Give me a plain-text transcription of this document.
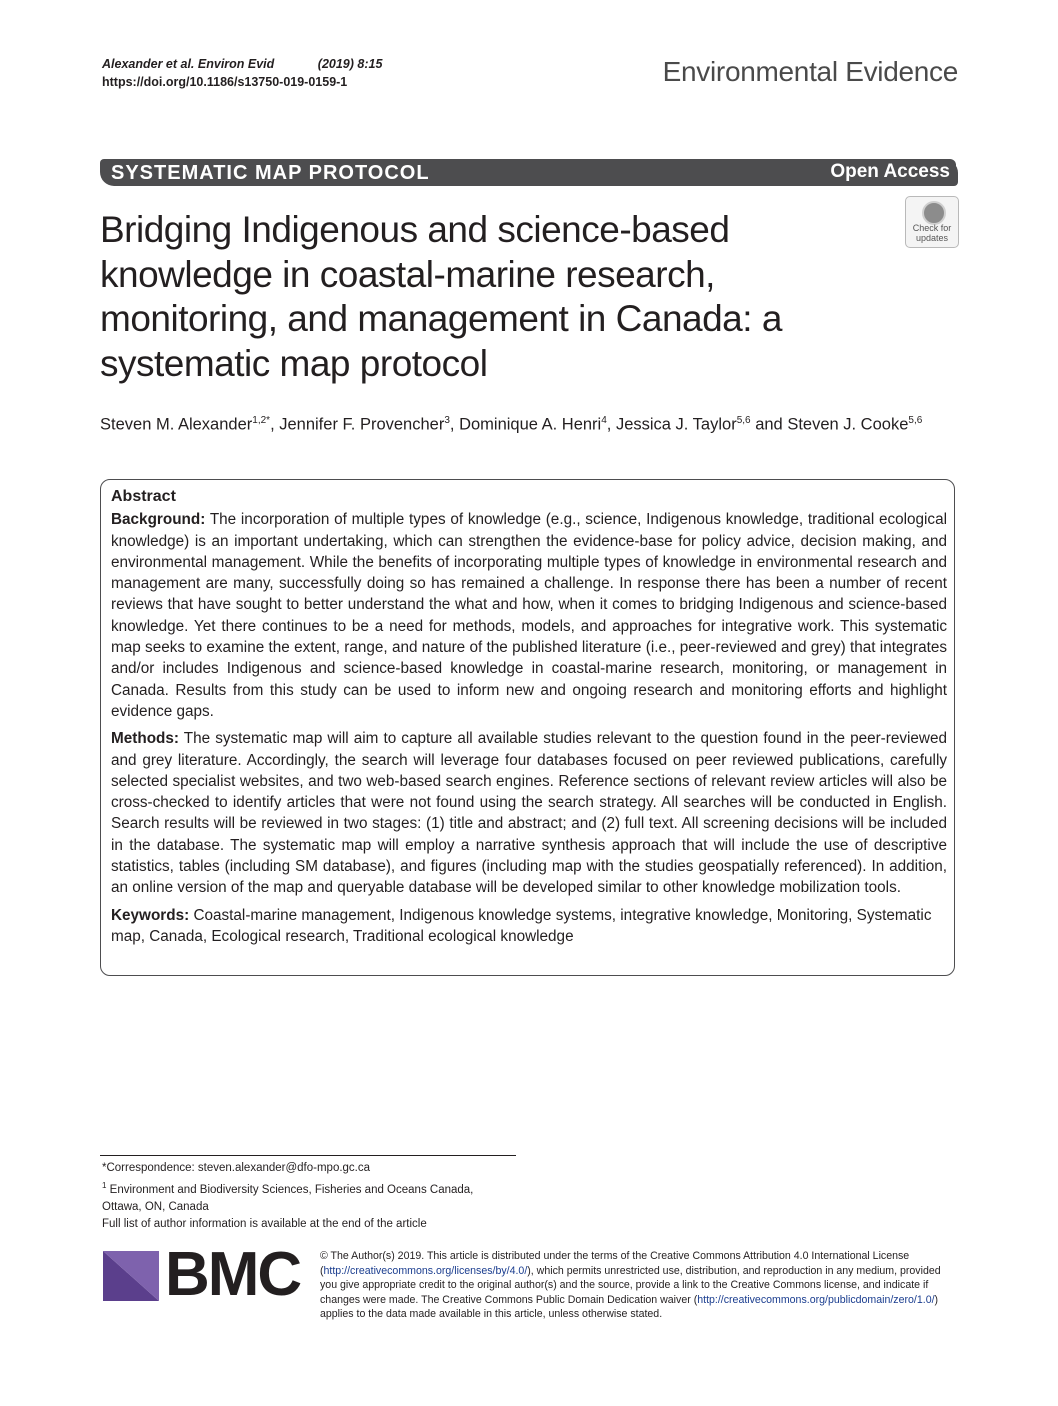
Alexander et al. Environ Evid	(2019) 8:15
https://doi.org/10.1186/s13750-019-0159-1	Environmental Evidence
SYSTEMATIC MAP PROTOCOL	Open Access
Check for
updates
Bridging Indigenous and science-based knowledge in coastal-marine research, monitoring, and management in Canada: a systematic map protocol
Steven M. Alexander$^{1,2*}$, Jennifer F. Provencher$^3$, Dominique A. Henri$^4$, Jessica J. Taylor$^{5,6}$ and Steven J. Cooke$^{5,6}$
Abstract

Background: The incorporation of multiple types of knowledge (e.g., science, Indigenous knowledge, traditional ecological knowledge) is an important undertaking, which can strengthen the evidence-base for policy advice, decision making, and environmental management. While the benefits of incorporating multiple types of knowledge in environmental research and management are many, successfully doing so has remained a challenge. In response there has been a number of recent reviews that have sought to better understand the what and how, when it comes to bridging Indigenous and science-based knowledge. Yet there continues to be a need for methods, models, and approaches for integrative work. This systematic map seeks to examine the extent, range, and nature of the published literature (i.e., peer-reviewed and grey) that integrates and/or includes Indigenous and science-based knowledge in coastal-marine research, monitoring, or management in Canada. Results from this study can be used to inform new and ongoing research and monitoring efforts and highlight evidence gaps.

Methods: The systematic map will aim to capture all available studies relevant to the question found in the peer-reviewed and grey literature. Accordingly, the search will leverage four databases focused on peer reviewed publications, carefully selected specialist websites, and two web-based search engines. Reference sections of relevant review articles will also be cross-checked to identify articles that were not found using the search strategy. All searches will be conducted in English. Search results will be reviewed in two stages: (1) title and abstract; and (2) full text. All screening decisions will be included in the database. The systematic map will employ a narrative synthesis approach that will include the use of descriptive statistics, tables (including SM database), and figures (including map with the studies geospatially referenced). In addition, an online version of the map and queryable database will be developed similar to other knowledge mobilization tools.

Keywords: Coastal-marine management, Indigenous knowledge systems, integrative knowledge, Monitoring, Systematic map, Canada, Ecological research, Traditional ecological knowledge

*Correspondence: steven.alexander@dfo-mpo.gc.ca

$^1$ Environment and Biodiversity Sciences, Fisheries and Oceans Canada,

Ottawa, ON, Canada

Full list of author information is available at the end of the article

BMC © The Author(s) 2019. This article is distributed under the terms of the Creative Commons Attribution 4.0 International License (http://creativecommons.org/licenses/by/4.0/), which permits unrestricted use, distribution, and reproduction in any medium, provided you give appropriate credit to the original author(s) and the source, provide a link to the Creative Commons license, and indicate if changes were made. The Creative Commons Public Domain Dedication waiver (http://creativecommons.org/publicdomain/zero/1.0/) applies to the data made available in this article, unless otherwise stated.
